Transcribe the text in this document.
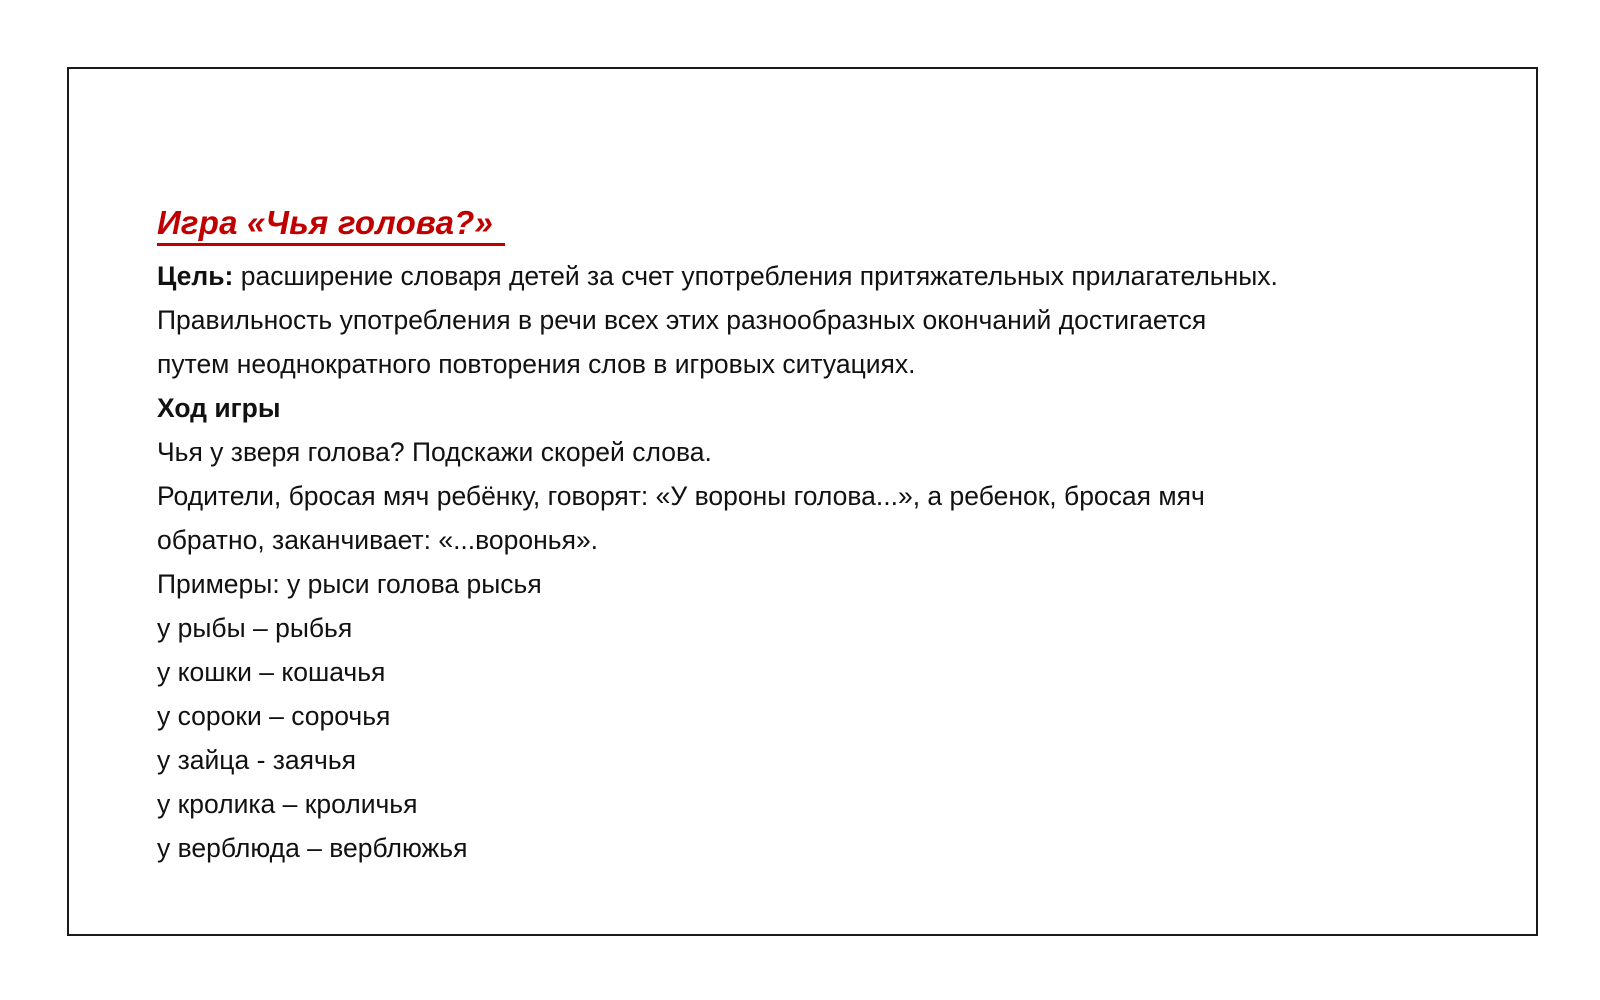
Игра «Чья голова?»

Цель: расширение словаря детей за счет употребления притяжательных прилагательных.

Правильность употребления в речи всех этих разнообразных окончаний достигается

путем неоднократного повторения слов в игровых ситуациях.

Ход игры

Чья у зверя голова? Подскажи скорей слова.

Родители, бросая мяч ребёнку, говорят: «У вороны голова...», а ребенок, бросая мяч

обратно, заканчивает: «...воронья».

Примеры: у рыси голова рысья

у рыбы – рыбья

у кошки – кошачья

у сороки – сорочья

у зайца - заячья

у кролика – кроличья

у верблюда – верблюжья
